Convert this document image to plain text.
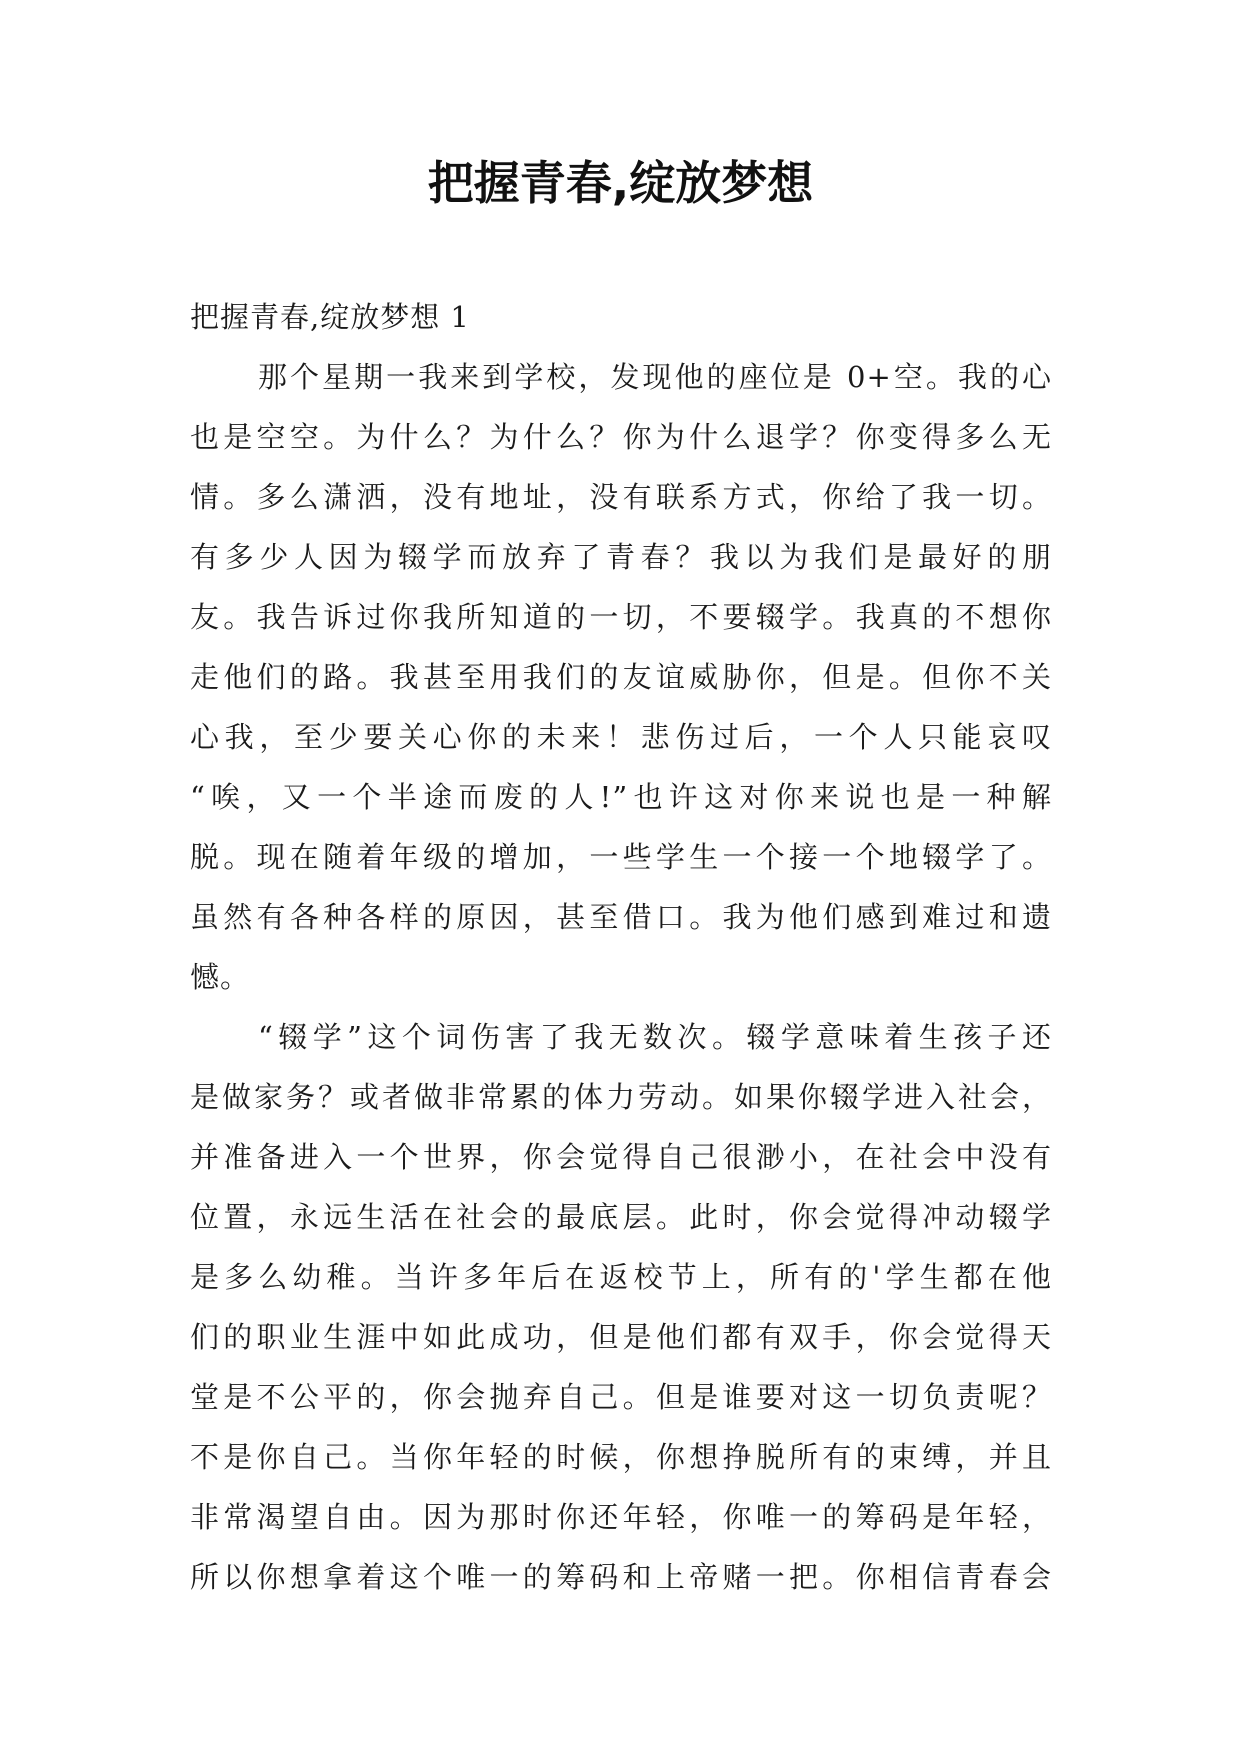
把握青春,绽放梦想
把握青春,绽放梦想 1
那个星期一我来到学校，发现他的座位是 0+空。我的心
也是空空。为什么？为什么？你为什么退学？你变得多么无
情。多么潇洒，没有地址，没有联系方式，你给了我一切。
有多少人因为辍学而放弃了青春？我以为我们是最好的朋
友。我告诉过你我所知道的一切，不要辍学。我真的不想你
走他们的路。我甚至用我们的友谊威胁你，但是。但你不关
心我，至少要关心你的未来！悲伤过后，一个人只能哀叹
“唉，又一个半途而废的人!”也许这对你来说也是一种解
脱。现在随着年级的增加，一些学生一个接一个地辍学了。
虽然有各种各样的原因，甚至借口。我为他们感到难过和遗
憾。
“辍学”这个词伤害了我无数次。辍学意味着生孩子还
是做家务？或者做非常累的体力劳动。如果你辍学进入社会，
并准备进入一个世界，你会觉得自己很渺小，在社会中没有
位置，永远生活在社会的最底层。此时，你会觉得冲动辍学
是多么幼稚。当许多年后在返校节上，所有的'学生都在他
们的职业生涯中如此成功，但是他们都有双手，你会觉得天
堂是不公平的，你会抛弃自己。但是谁要对这一切负责呢？
不是你自己。当你年轻的时候，你想挣脱所有的束缚，并且
非常渴望自由。因为那时你还年轻，你唯一的筹码是年轻，
所以你想拿着这个唯一的筹码和上帝赌一把。你相信青春会
